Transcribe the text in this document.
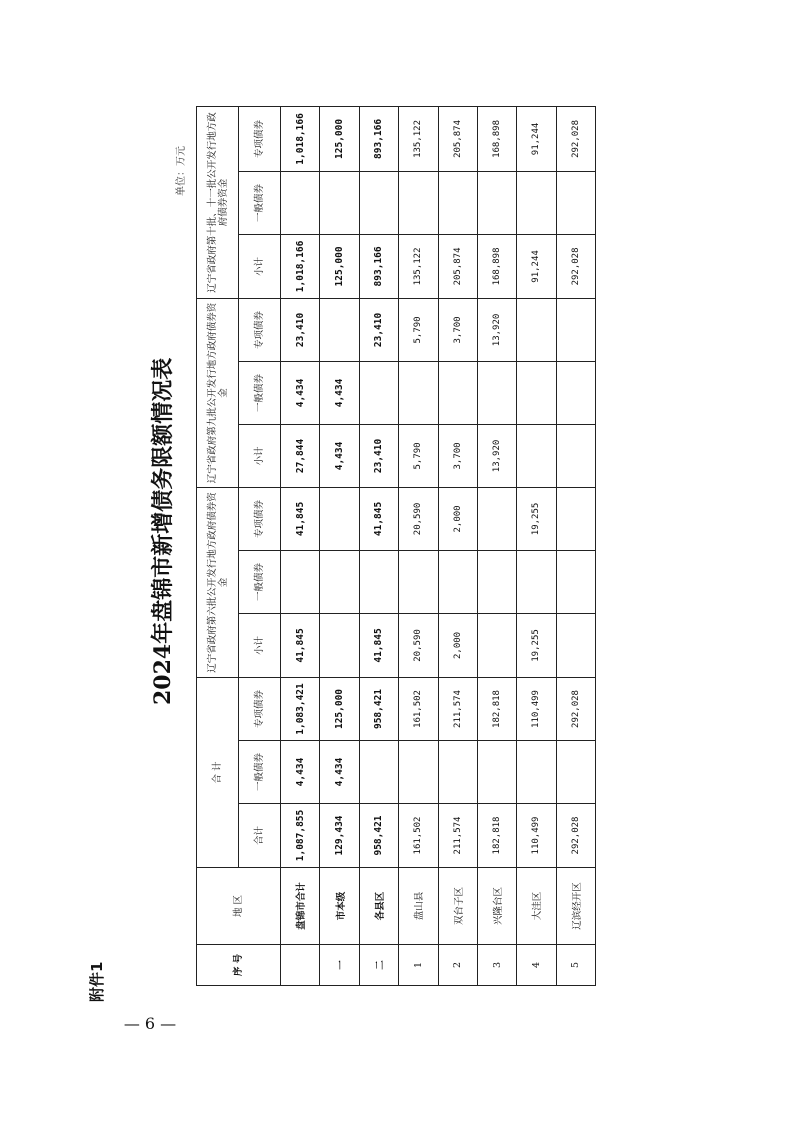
— 6 —
附件1
2024年盘锦市新增债务限额情况表
单位：万元
序 号	地 区	合 计			辽宁省政府第六批公开发行地方政府债券资金			辽宁省政府第九批公开发行地方政府债券资金			辽宁省政府第十批、十一批公开发行地方政府债券资金		
		合计	一般债券	专项债券	小计	一般债券	专项债券	小计	一般债券	专项债券	小计	一般债券	专项债券
	盘锦市合计	1,087,855	4,434	1,083,421	41,845		41,845	27,844	4,434	23,410	1,018,166		1,018,166
一	市本级	129,434	4,434	125,000				4,434	4,434		125,000		125,000
二	各县区	958,421		958,421	41,845		41,845	23,410		23,410	893,166		893,166
1	盘山县	161,502		161,502	20,590		20,590	5,790		5,790	135,122		135,122
2	双台子区	211,574		211,574	2,000		2,000	3,700		3,700	205,874		205,874
3	兴隆台区	182,818		182,818				13,920		13,920	168,898		168,898
4	大洼区	110,499		110,499	19,255		19,255				91,244		91,244
5	辽滨经开区	292,028		292,028							292,028		292,028
